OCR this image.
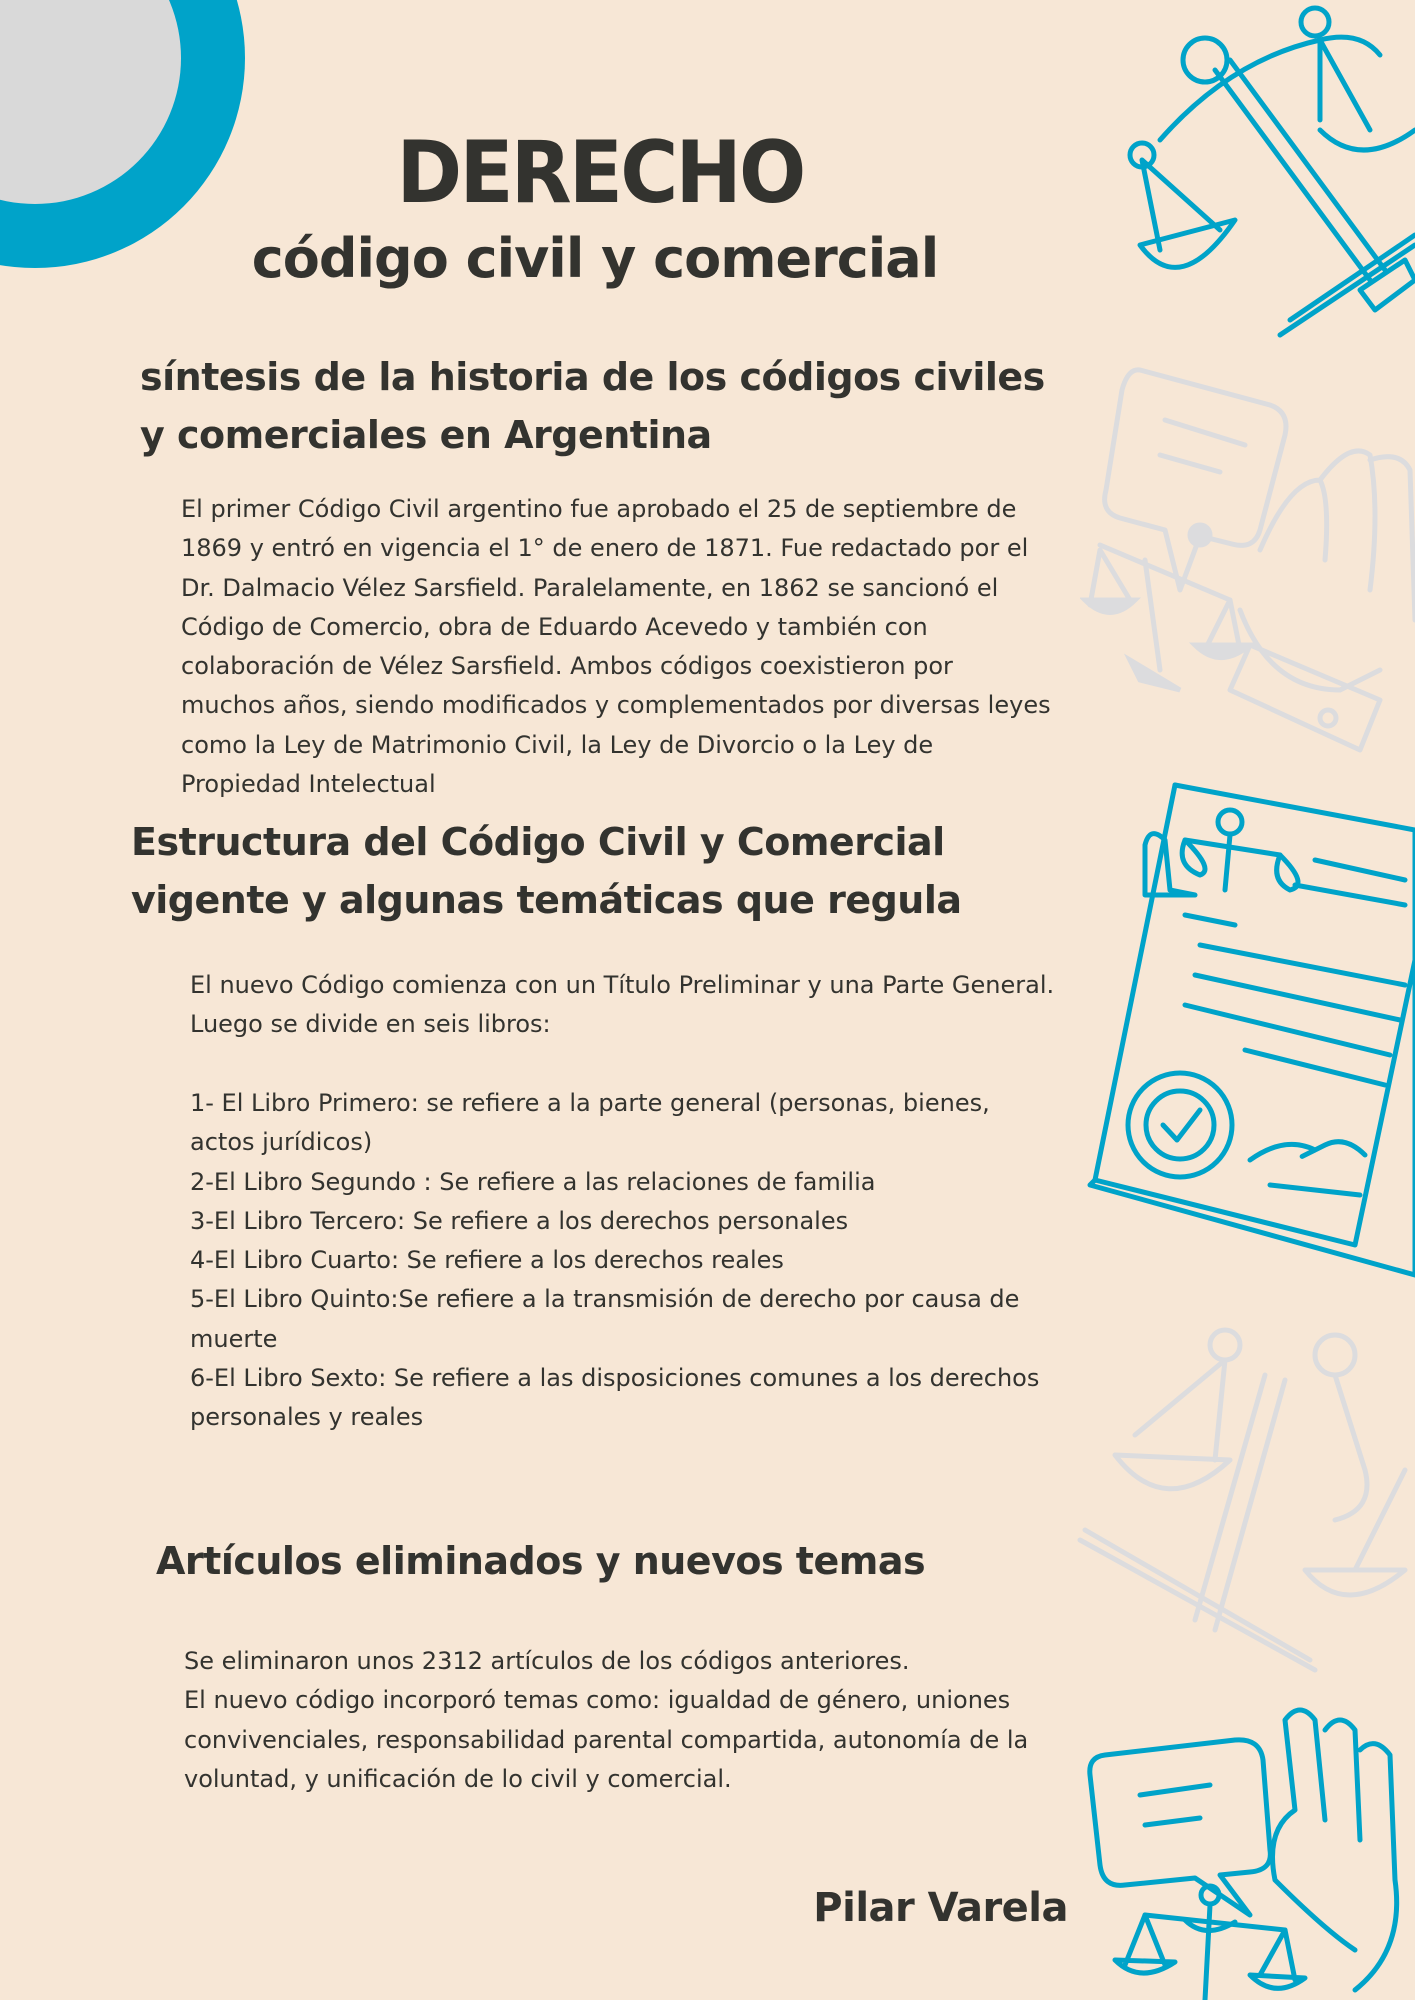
DERECHO
código civil y comercial
síntesis de la historia de los códigos civiles y comerciales en Argentina

El primer Código Civil argentino fue aprobado el 25 de septiembre de 1869 y entró en vigencia el 1° de enero de 1871. Fue redactado por el Dr. Dalmacio Vélez Sarsfield. Paralelamente, en 1862 se sancionó el Código de Comercio, obra de Eduardo Acevedo y también con colaboración de Vélez Sarsfield. Ambos códigos coexistieron por muchos años, siendo modificados y complementados por diversas leyes como la Ley de Matrimonio Civil, la Ley de Divorcio o la Ley de Propiedad Intelectual

Estructura del Código Civil y Comercial vigente y algunas temáticas que regula

El nuevo Código comienza con un Título Preliminar y una Parte General.
Luego se divide en seis libros:

1- El Libro Primero: se refiere a la parte general (personas, bienes, actos jurídicos)

2-El Libro Segundo : Se refiere a las relaciones de familia

3-El Libro Tercero: Se refiere a los derechos personales

4-El Libro Cuarto: Se refiere a los derechos reales

5-El Libro Quinto:Se refiere a la transmisión de derecho por causa de muerte

6-El Libro Sexto: Se refiere a las disposiciones comunes a los derechos personales y reales

Artículos eliminados y nuevos temas

Se eliminaron unos 2312 artículos de los códigos anteriores.
El nuevo código incorporó temas como: igualdad de género, uniones convivenciales, responsabilidad parental compartida, autonomía de la voluntad, y unificación de lo civil y comercial.

Pilar Varela
